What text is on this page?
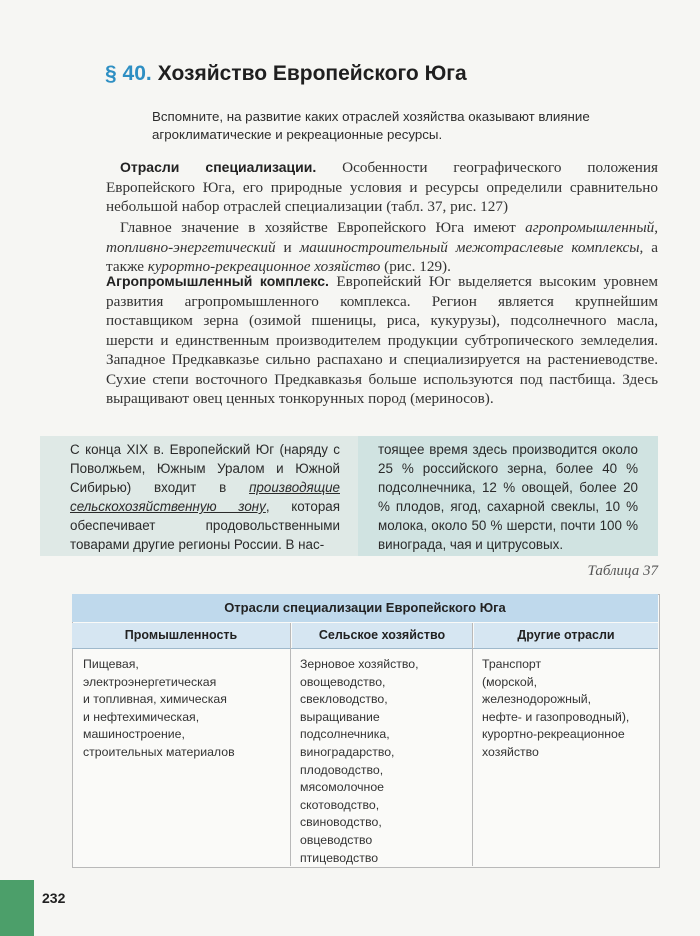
§ 40. Хозяйство Европейского Юга
Вспомните, на развитие каких отраслей хозяйства оказывают влияние агроклиматические и рекреационные ресурсы.
Отрасли специализации. Особенности географического положения Европейского Юга, его природные условия и ресурсы определили сравнительно небольшой набор отраслей специализации (табл. 37, рис. 127)
Главное значение в хозяйстве Европейского Юга имеют агропромышленный, топливно-энергетический и машиностроительный межотраслевые комплексы, а также курортно-рекреационное хозяйство (рис. 129).
Агропромышленный комплекс. Европейский Юг выделяется высоким уровнем развития агропромышленного комплекса. Регион является крупнейшим поставщиком зерна (озимой пшеницы, риса, кукурузы), подсолнечного масла, шерсти и единственным производителем продукции субтропического земледелия. Западное Предкавказье сильно распахано и специализируется на растениеводстве. Сухие степи восточного Предкавказья больше используются под пастбища. Здесь выращивают овец ценных тонкорунных пород (мериносов).
С конца XIX в. Европейский Юг (наряду с Поволжьем, Южным Уралом и Южной Сибирью) входит в производящие сельскохозяйственную зону, которая обеспечивает продовольственными товарами другие регионы России. В нас-
тоящее время здесь производится около 25 % российского зерна, более 40 % подсолнечника, 12 % овощей, более 20 % плодов, ягод, сахарной свеклы, 10 % молока, около 50 % шерсти, почти 100 % винограда, чая и цитрусовых.
Таблица 37
Отрасли специализации Европейского Юга
Промышленность	Сельское хозяйство	Другие отрасли
Пищевая,
электроэнергетическая
и топливная, химическая
и нефтехимическая,
машиностроение,
строительных материалов
Зерновое хозяйство,
овощеводство,
свекловодство,
выращивание
подсолнечника,
виноградарство,
плодоводство,
мясомолочное
скотоводство,
свиноводство,
овцеводство
птицеводство
Транспорт
(морской,
железнодорожный,
нефте- и газопроводный),
курортно-рекреационное
хозяйство
232
